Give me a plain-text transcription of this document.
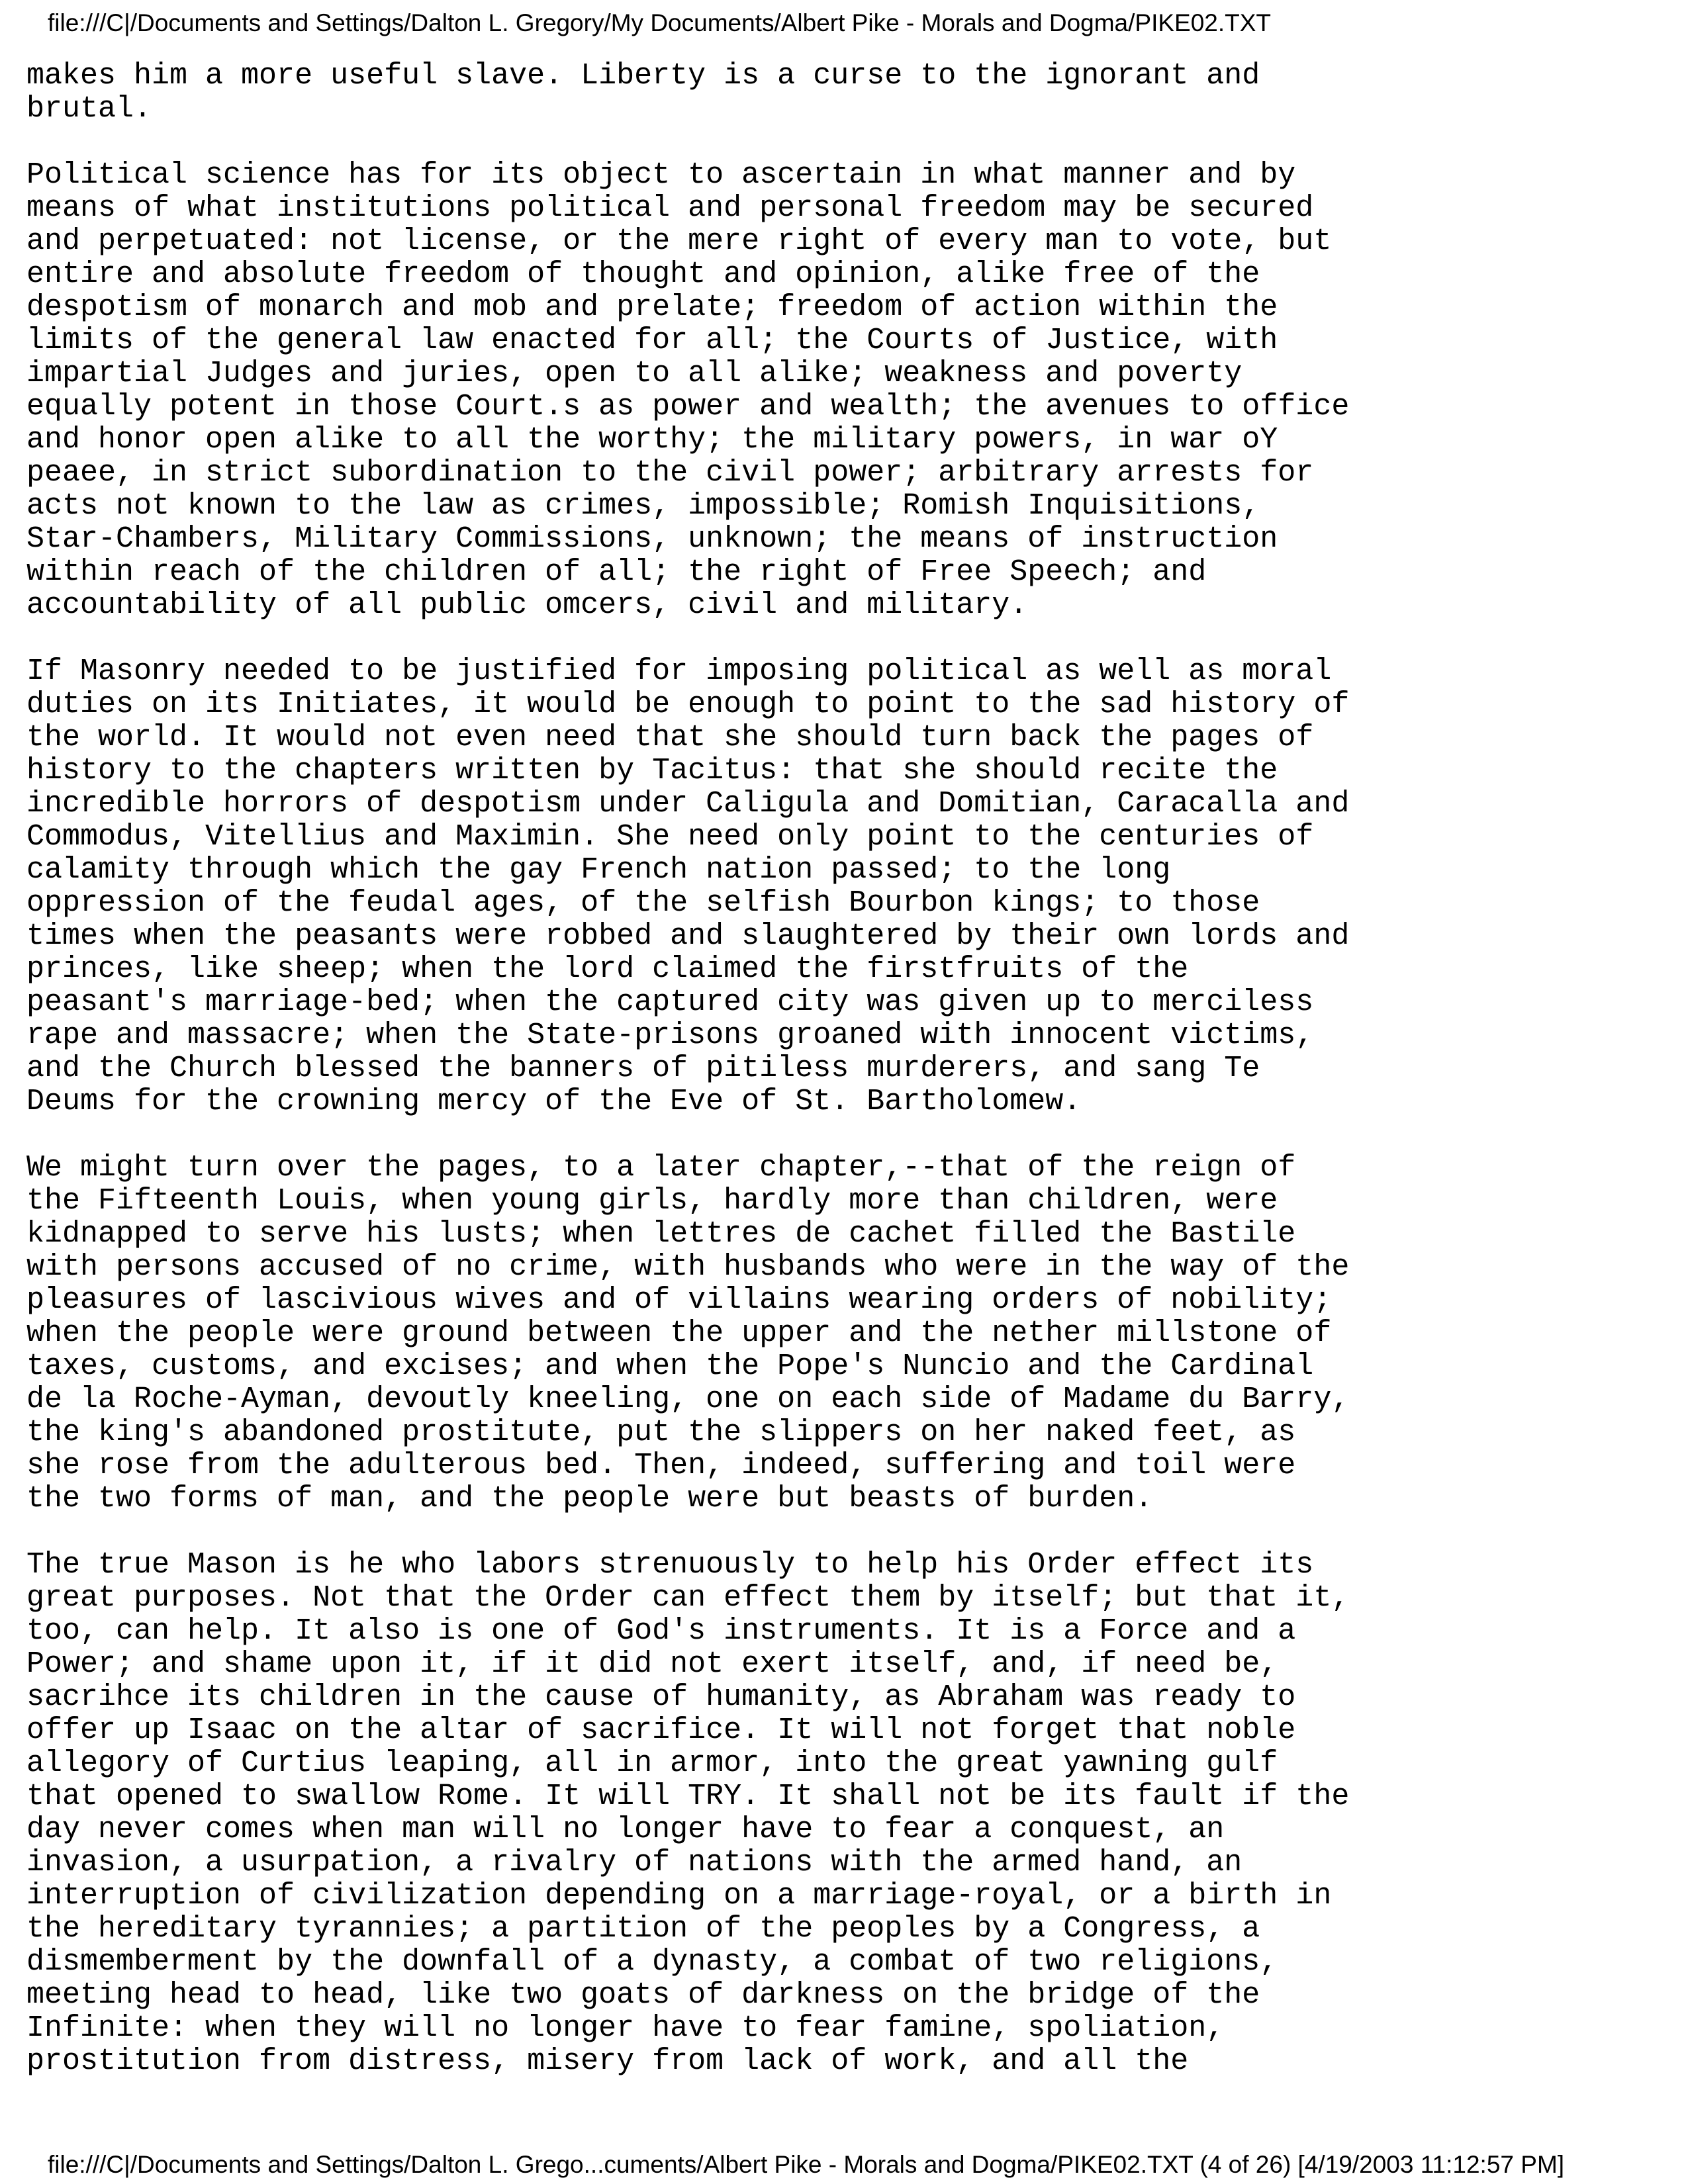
file:///C|/Documents and Settings/Dalton L. Gregory/My Documents/Albert Pike - Morals and Dogma/PIKE02.TXT

makes him a more useful slave. Liberty is a curse to the ignorant and
brutal.

Political science has for its object to ascertain in what manner and by
means of what institutions political and personal freedom may be secured
and perpetuated: not license, or the mere right of every man to vote, but
entire and absolute freedom of thought and opinion, alike free of the
despotism of monarch and mob and prelate; freedom of action within the
limits of the general law enacted for all; the Courts of Justice, with
impartial Judges and juries, open to all alike; weakness and poverty
equally potent in those Court.s as power and wealth; the avenues to office
and honor open alike to all the worthy; the military powers, in war oY
peaee, in strict subordination to the civil power; arbitrary arrests for
acts not known to the law as crimes, impossible; Romish Inquisitions,
Star-Chambers, Military Commissions, unknown; the means of instruction
within reach of the children of all; the right of Free Speech; and
accountability of all public omcers, civil and military.

If Masonry needed to be justified for imposing political as well as moral
duties on its Initiates, it would be enough to point to the sad history of
the world. It would not even need that she should turn back the pages of
history to the chapters written by Tacitus: that she should recite the
incredible horrors of despotism under Caligula and Domitian, Caracalla and
Commodus, Vitellius and Maximin. She need only point to the centuries of
calamity through which the gay French nation passed; to the long
oppression of the feudal ages, of the selfish Bourbon kings; to those
times when the peasants were robbed and slaughtered by their own lords and
princes, like sheep; when the lord claimed the firstfruits of the
peasant's marriage-bed; when the captured city was given up to merciless
rape and massacre; when the State-prisons groaned with innocent victims,
and the Church blessed the banners of pitiless murderers, and sang Te
Deums for the crowning mercy of the Eve of St. Bartholomew.

We might turn over the pages, to a later chapter,--that of the reign of
the Fifteenth Louis, when young girls, hardly more than children, were
kidnapped to serve his lusts; when lettres de cachet filled the Bastile
with persons accused of no crime, with husbands who were in the way of the
pleasures of lascivious wives and of villains wearing orders of nobility;
when the people were ground between the upper and the nether millstone of
taxes, customs, and excises; and when the Pope's Nuncio and the Cardinal
de la Roche-Ayman, devoutly kneeling, one on each side of Madame du Barry,
the king's abandoned prostitute, put the slippers on her naked feet, as
she rose from the adulterous bed. Then, indeed, suffering and toil were
the two forms of man, and the people were but beasts of burden.

The true Mason is he who labors strenuously to help his Order effect its
great purposes. Not that the Order can effect them by itself; but that it,
too, can help. It also is one of God's instruments. It is a Force and a
Power; and shame upon it, if it did not exert itself, and, if need be,
sacrihce its children in the cause of humanity, as Abraham was ready to
offer up Isaac on the altar of sacrifice. It will not forget that noble
allegory of Curtius leaping, all in armor, into the great yawning gulf
that opened to swallow Rome. It will TRY. It shall not be its fault if the
day never comes when man will no longer have to fear a conquest, an
invasion, a usurpation, a rivalry of nations with the armed hand, an
interruption of civilization depending on a marriage-royal, or a birth in
the hereditary tyrannies; a partition of the peoples by a Congress, a
dismemberment by the downfall of a dynasty, a combat of two religions,
meeting head to head, like two goats of darkness on the bridge of the
Infinite: when they will no longer have to fear famine, spoliation,
prostitution from distress, misery from lack of work, and all the

file:///C|/Documents and Settings/Dalton L. Grego...cuments/Albert Pike - Morals and Dogma/PIKE02.TXT (4 of 26) [4/19/2003 11:12:57 PM]
